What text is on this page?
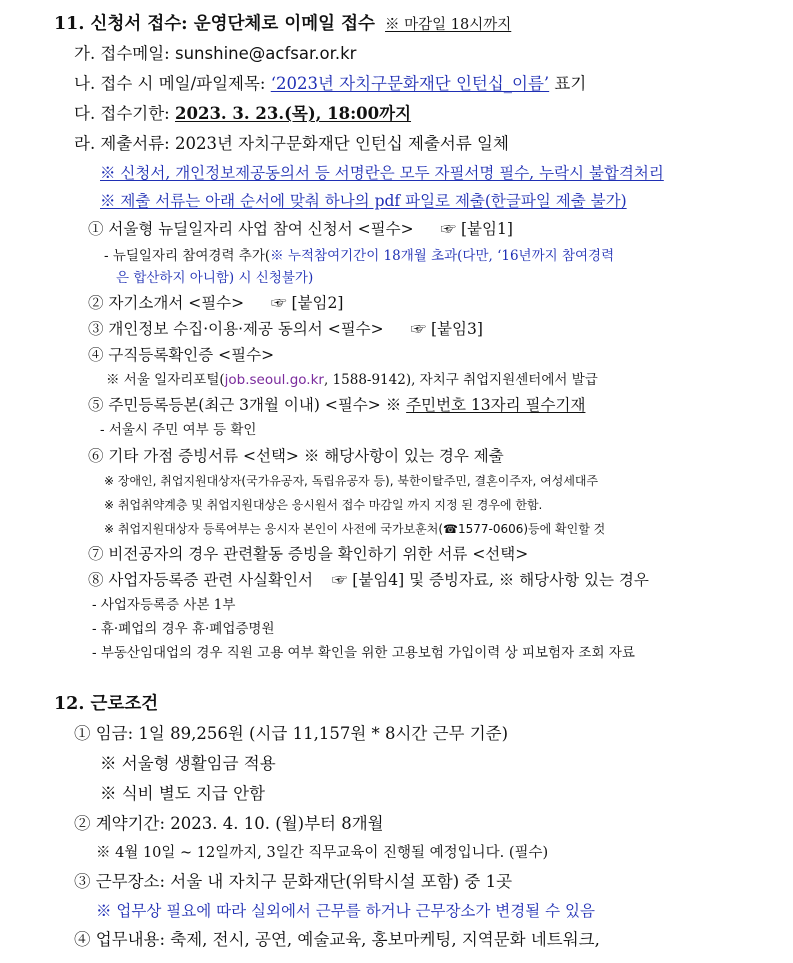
11. 신청서 접수: 운영단체로 이메일 접수 ※ 마감일 18시까지
가. 접수메일: sunshine@acfsar.or.kr
나. 접수 시 메일/파일제목: ‘2023년 자치구문화재단 인턴십_이름’ 표기
다. 접수기한: 2023. 3. 23.(목), 18:00까지
라. 제출서류: 2023년 자치구문화재단 인턴십 제출서류 일체
※ 신청서, 개인정보제공동의서 등 서명란은 모두 자필서명 필수, 누락시 불합격처리
※ 제출 서류는 아래 순서에 맞춰 하나의 pdf 파일로 제출(한글파일 제출 불가)
① 서울형 뉴딜일자리 사업 참여 신청서 <필수> ☞ [붙임1]
- 뉴딜일자리 참여경력 추가(※ 누적참여기간이 18개월 초과(다만, ‘16년까지 참여경력
은 합산하지 아니함) 시 신청불가)
② 자기소개서 <필수> ☞ [붙임2]
③ 개인정보 수집·이용·제공 동의서 <필수> ☞ [붙임3]
④ 구직등록확인증 <필수>
※ 서울 일자리포털(job.seoul.go.kr, 1588-9142), 자치구 취업지원센터에서 발급
⑤ 주민등록등본(최근 3개월 이내) <필수> ※ 주민번호 13자리 필수기재
- 서울시 주민 여부 등 확인
⑥ 기타 가점 증빙서류 <선택> ※ 해당사항이 있는 경우 제출
※ 장애인, 취업지원대상자(국가유공자, 독립유공자 등), 북한이탈주민, 결혼이주자, 여성세대주
※ 취업취약계층 및 취업지원대상은 응시원서 접수 마감일 까지 지정 된 경우에 한함.
※ 취업지원대상자 등록여부는 응시자 본인이 사전에 국가보훈처(☎1577-0606)등에 확인할 것
⑦ 비전공자의 경우 관련활동 증빙을 확인하기 위한 서류 <선택>
⑧ 사업자등록증 관련 사실확인서 ☞ [붙임4] 및 증빙자료, ※ 해당사항 있는 경우
- 사업자등록증 사본 1부
- 휴·폐업의 경우 휴·폐업증명원
- 부동산임대업의 경우 직원 고용 여부 확인을 위한 고용보험 가입이력 상 피보험자 조회 자료
12. 근로조건
① 임금: 1일 89,256원 (시급 11,157원 * 8시간 근무 기준)
※ 서울형 생활임금 적용
※ 식비 별도 지급 안함
② 계약기간: 2023. 4. 10. (월)부터 8개월
※ 4월 10일 ~ 12일까지, 3일간 직무교육이 진행될 예정입니다. (필수)
③ 근무장소: 서울 내 자치구 문화재단(위탁시설 포함) 중 1곳
※ 업무상 필요에 따라 실외에서 근무를 하거나 근무장소가 변경될 수 있음
④ 업무내용: 축제, 전시, 공연, 예술교육, 홍보마케팅, 지역문화 네트워크,
